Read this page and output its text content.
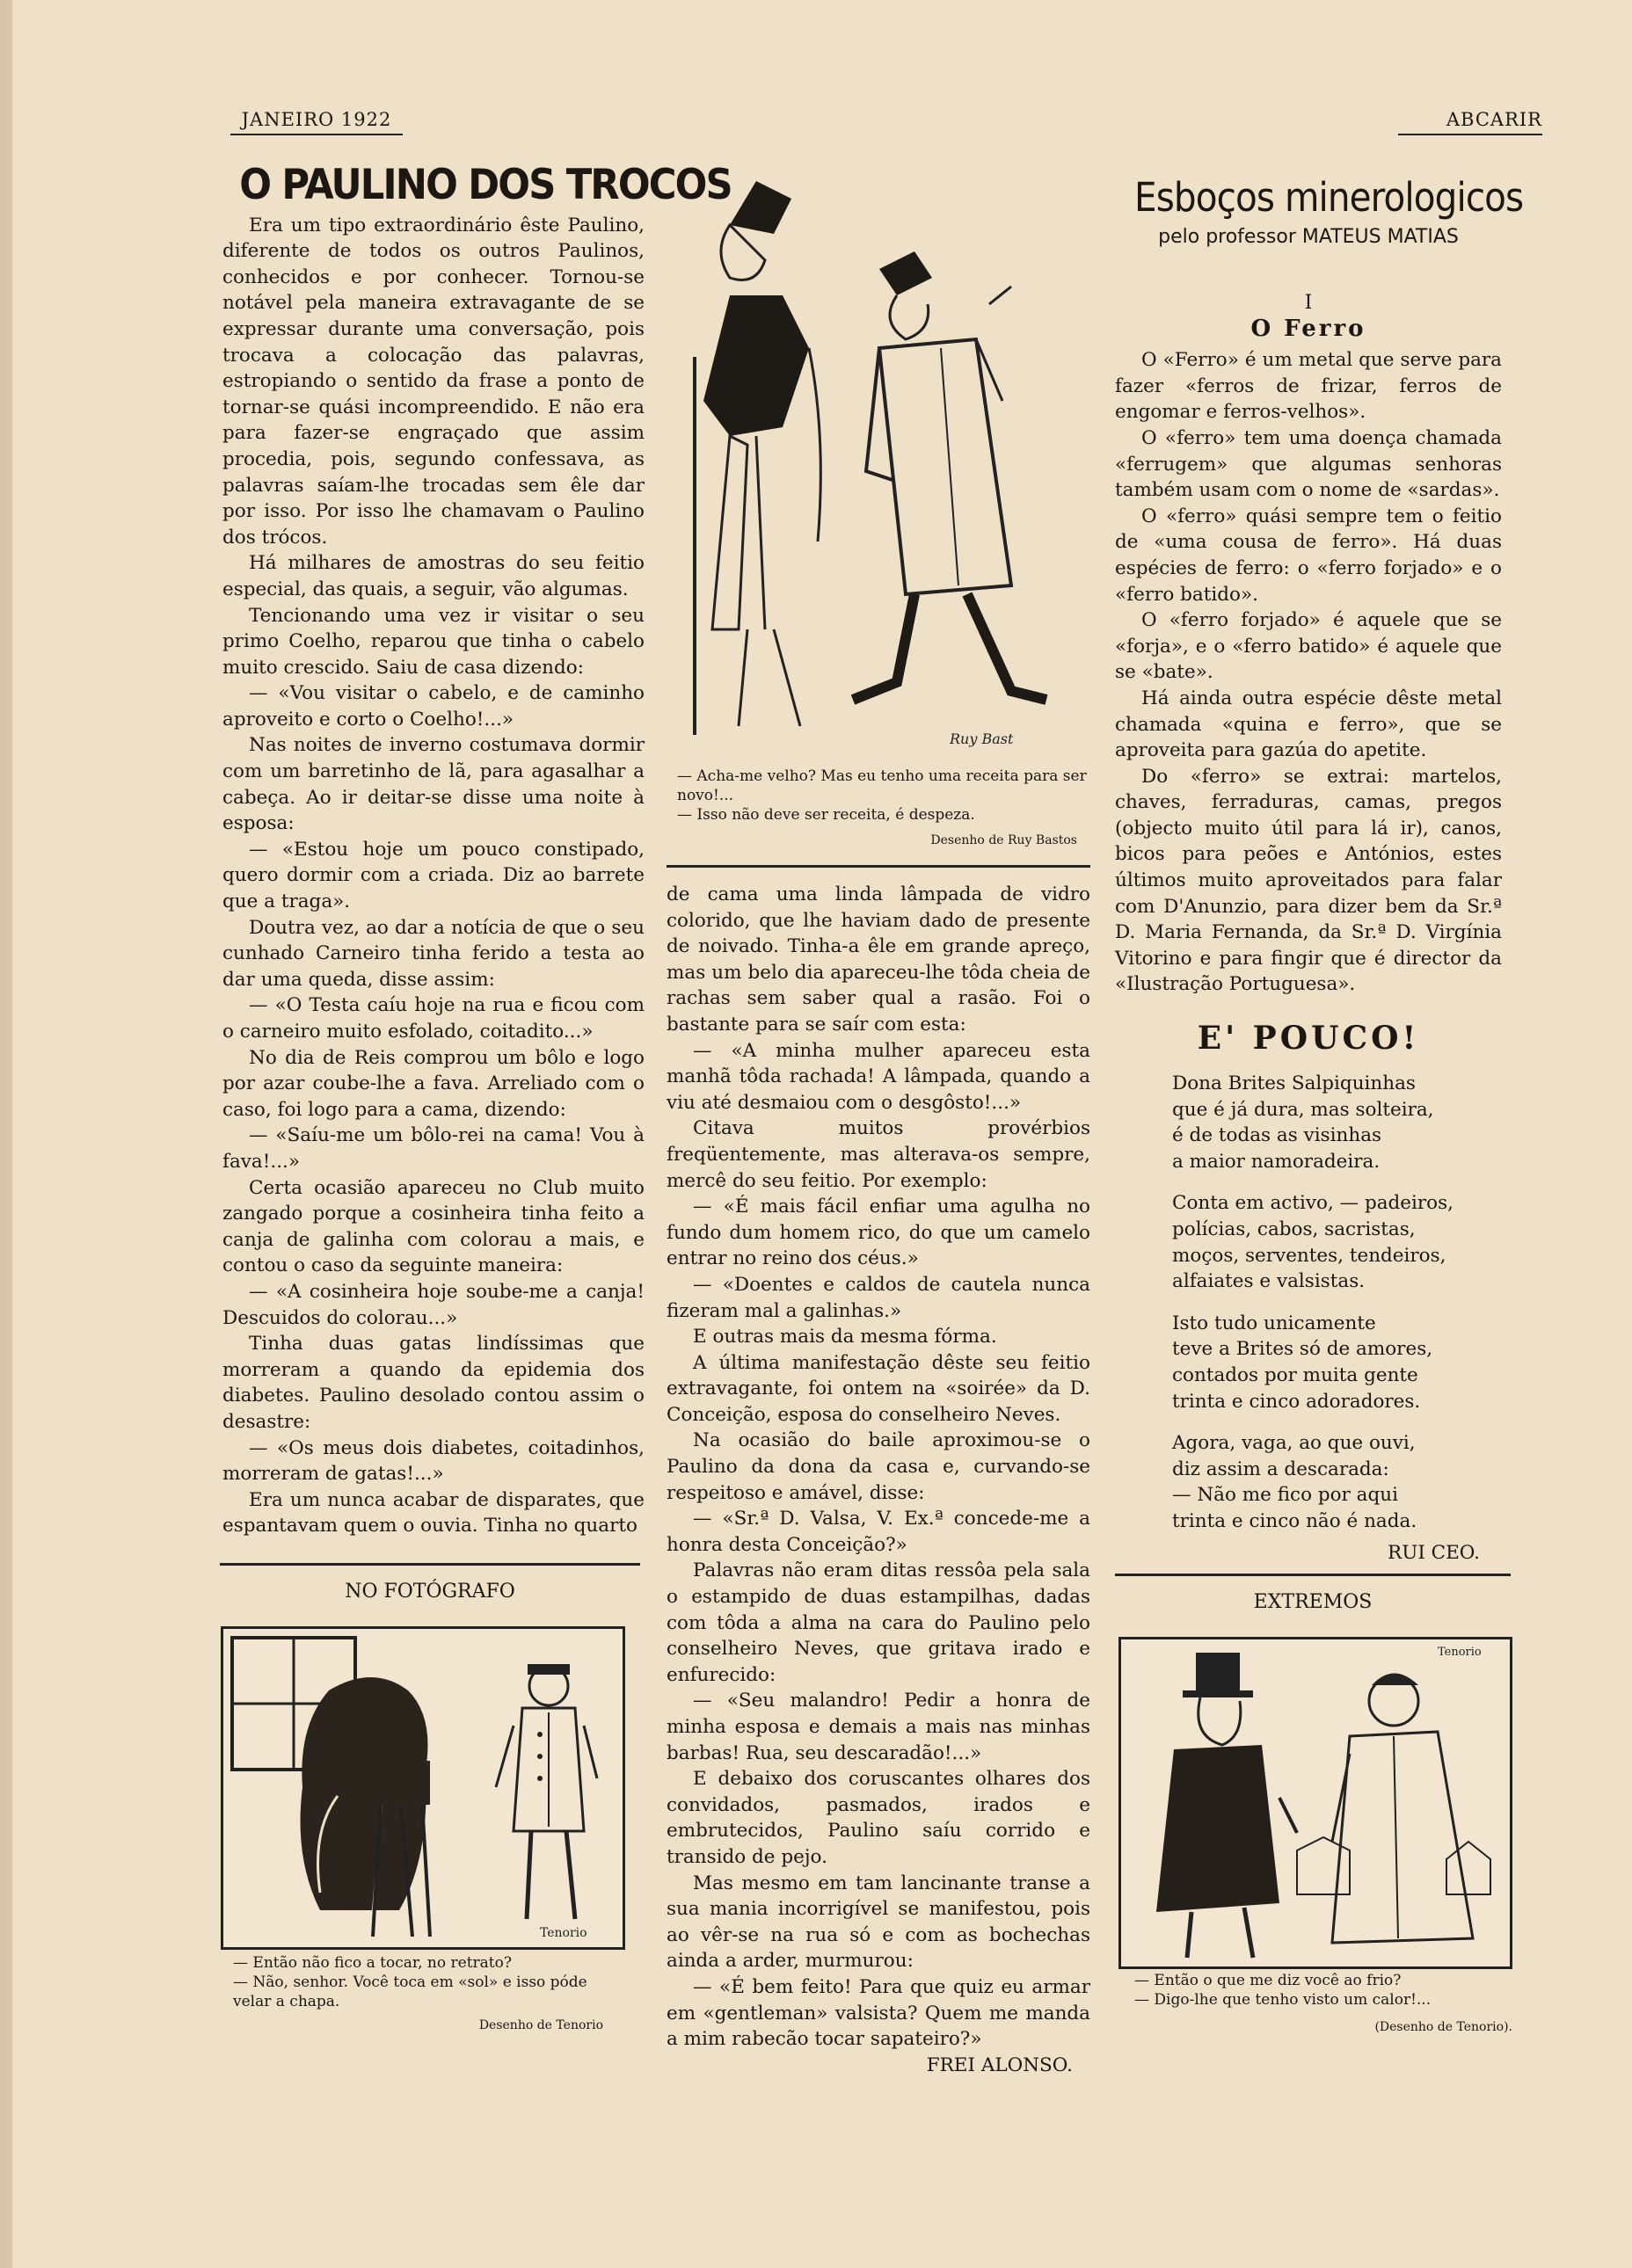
JANEIRO 1922	ABCARIR
O PAULINO DOS TROCOS

Era um tipo extraordinário êste Paulino, diferente de todos os outros Paulinos, conhecidos e por conhecer. Tornou-se notável pela maneira extravagante de se expressar durante uma conversação, pois trocava a colocação das palavras, estropiando o sentido da frase a ponto de tornar-se quási incompreendido. E não era para fazer-se engraçado que assim procedia, pois, segundo confessava, as palavras saíam-lhe trocadas sem êle dar por isso. Por isso lhe chamavam o Paulino dos trócos.

Há milhares de amostras do seu feitio especial, das quais, a seguir, vão algumas.

Tencionando uma vez ir visitar o seu primo Coelho, reparou que tinha o cabelo muito crescido. Saiu de casa dizendo:

— «Vou visitar o cabelo, e de caminho aproveito e corto o Coelho!...»

Nas noites de inverno costumava dormir com um barretinho de lã, para agasalhar a cabeça. Ao ir deitar-se disse uma noite à esposa:

— «Estou hoje um pouco constipado, quero dormir com a criada. Diz ao barrete que a traga».

Doutra vez, ao dar a notícia de que o seu cunhado Carneiro tinha ferido a testa ao dar uma queda, disse assim:

— «O Testa caíu hoje na rua e ficou com o carneiro muito esfolado, coitadito...»

No dia de Reis comprou um bôlo e logo por azar coube-lhe a fava. Arreliado com o caso, foi logo para a cama, dizendo:

— «Saíu-me um bôlo-rei na cama! Vou à fava!...»

Certa ocasião apareceu no Club muito zangado porque a cosinheira tinha feito a canja de galinha com colorau a mais, e contou o caso da seguinte maneira:

— «A cosinheira hoje soube-me a canja! Descuidos do colorau...»

Tinha duas gatas lindíssimas que morreram a quando da epidemia dos diabetes. Paulino desolado contou assim o desastre:

— «Os meus dois diabetes, coitadinhos, morreram de gatas!...»

Era um nunca acabar de disparates, que espantavam quem o ouvia. Tinha no quarto

NO FOTÓGRAFO
Tenorio
— Então não fico a tocar, no retrato?
— Não, senhor. Você toca em «sol» e isso póde velar a chapa.
Desenho de Tenorio
Ruy Bast
— Acha-me velho? Mas eu tenho uma receita para ser novo!...
— Isso não deve ser receita, é despeza.
Desenho de Ruy Bastos

de cama uma linda lâmpada de vidro colorido, que lhe haviam dado de presente de noivado. Tinha-a êle em grande apreço, mas um belo dia apareceu-lhe tôda cheia de rachas sem saber qual a rasão. Foi o bastante para se saír com esta:

— «A minha mulher apareceu esta manhã tôda rachada! A lâmpada, quando a viu até desmaiou com o desgôsto!...»

Citava muitos provérbios freqüentemente, mas alterava-os sempre, mercê do seu feitio. Por exemplo:

— «É mais fácil enfiar uma agulha no fundo dum homem rico, do que um camelo entrar no reino dos céus.»

— «Doentes e caldos de cautela nunca fizeram mal a galinhas.»

E outras mais da mesma fórma.

A última manifestação dêste seu feitio extravagante, foi ontem na «soirée» da D. Conceição, esposa do conselheiro Neves.

Na ocasião do baile aproximou-se o Paulino da dona da casa e, curvando-se respeitoso e amável, disse:

— «Sr.ª D. Valsa, V. Ex.ª concede-me a honra desta Conceição?»

Palavras não eram ditas ressôa pela sala o estampido de duas estampilhas, dadas com tôda a alma na cara do Paulino pelo conselheiro Neves, que gritava irado e enfurecido:

— «Seu malandro! Pedir a honra de minha esposa e demais a mais nas minhas barbas! Rua, seu descaradão!...»

E debaixo dos coruscantes olhares dos convidados, pasmados, irados e embrutecidos, Paulino saíu corrido e transido de pejo.

Mas mesmo em tam lancinante transe a sua mania incorrigível se manifestou, pois ao vêr-se na rua só e com as bochechas ainda a arder, murmurou:

— «É bem feito! Para que quiz eu armar em «gentleman» valsista? Quem me manda a mim rabecão tocar sapateiro?»

FREI ALONSO.
Esboços minerologicos
pelo professor MATEUS MATIAS
I
O Ferro

O «Ferro» é um metal que serve para fazer «ferros de frizar, ferros de engomar e ferros-velhos».

O «ferro» tem uma doença chamada «ferrugem» que algumas senhoras também usam com o nome de «sardas».

O «ferro» quási sempre tem o feitio de «uma cousa de ferro». Há duas espécies de ferro: o «ferro forjado» e o «ferro batido».

O «ferro forjado» é aquele que se «forja», e o «ferro batido» é aquele que se «bate».

Há ainda outra espécie dêste metal chamada «quina e ferro», que se aproveita para gazúa do apetite.

Do «ferro» se extrai: martelos, chaves, ferraduras, camas, pregos (objecto muito útil para lá ir), canos, bicos para peões e Antónios, estes últimos muito aproveitados para falar com D'Anunzio, para dizer bem da Sr.ª D. Maria Fernanda, da Sr.ª D. Virgínia Vitorino e para fingir que é director da «Ilustração Portuguesa».

E' POUCO!
Dona Brites Salpiquinhas
que é já dura, mas solteira,
é de todas as visinhas
a maior namoradeira.
Conta em activo, — padeiros,
polícias, cabos, sacristas,
moços, serventes, tendeiros,
alfaiates e valsistas.
Isto tudo unicamente
teve a Brites só de amores,
contados por muita gente
trinta e cinco adoradores.
Agora, vaga, ao que ouvi,
diz assim a descarada:
— Não me fico por aqui
trinta e cinco não é nada.
RUI CEO.
EXTREMOS
Tenorio
— Então o que me diz você ao frio?
— Digo-lhe que tenho visto um calor!...
(Desenho de Tenorio).
